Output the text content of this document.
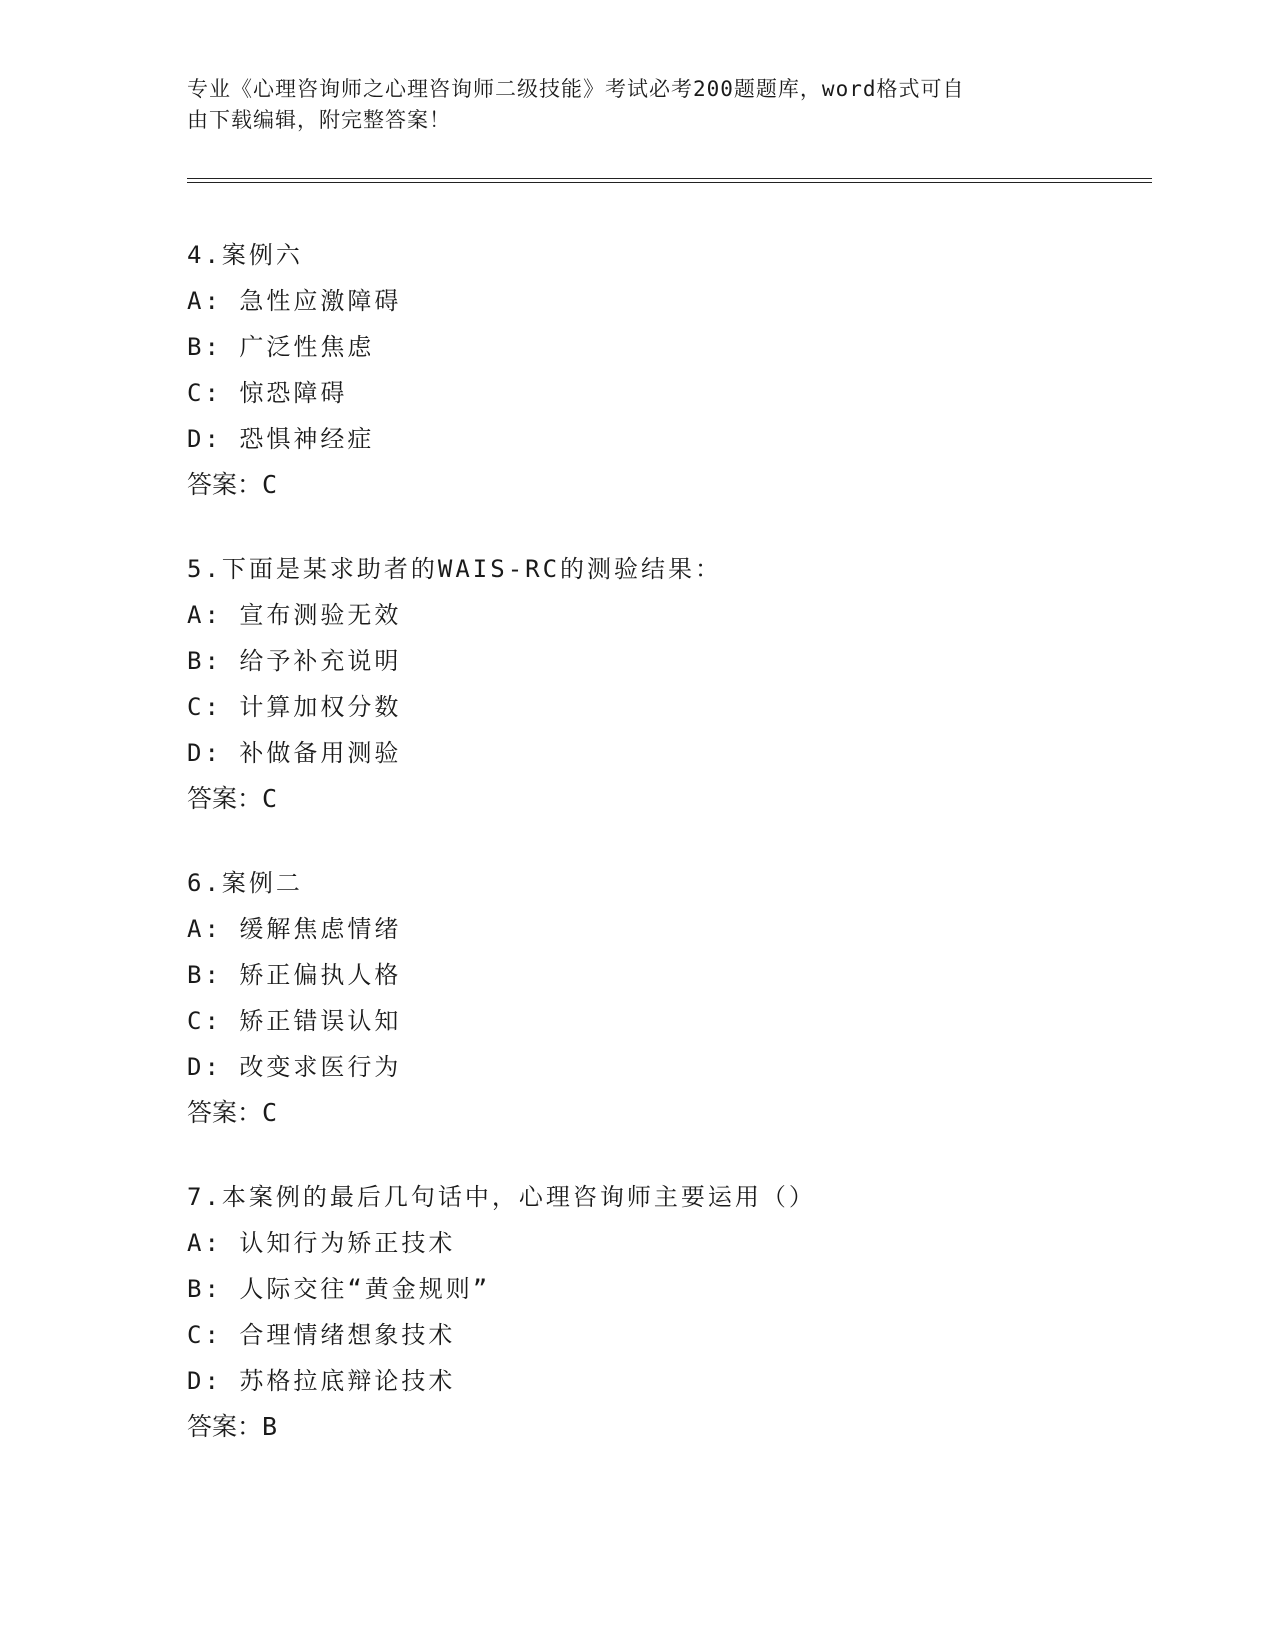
专业《心理咨询师之心理咨询师二级技能》考试必考200题题库，word格式可自
由下载编辑，附完整答案！
4.案例六
A: 急性应激障碍
B: 广泛性焦虑
C: 惊恐障碍
D: 恐惧神经症
答案：C
5.下面是某求助者的WAIS-RC的测验结果：
A: 宣布测验无效
B: 给予补充说明
C: 计算加权分数
D: 补做备用测验
答案：C
6.案例二
A: 缓解焦虑情绪
B: 矫正偏执人格
C: 矫正错误认知
D: 改变求医行为
答案：C
7.本案例的最后几句话中，心理咨询师主要运用（）
A: 认知行为矫正技术
B: 人际交往“黄金规则”
C: 合理情绪想象技术
D: 苏格拉底辩论技术
答案：B
